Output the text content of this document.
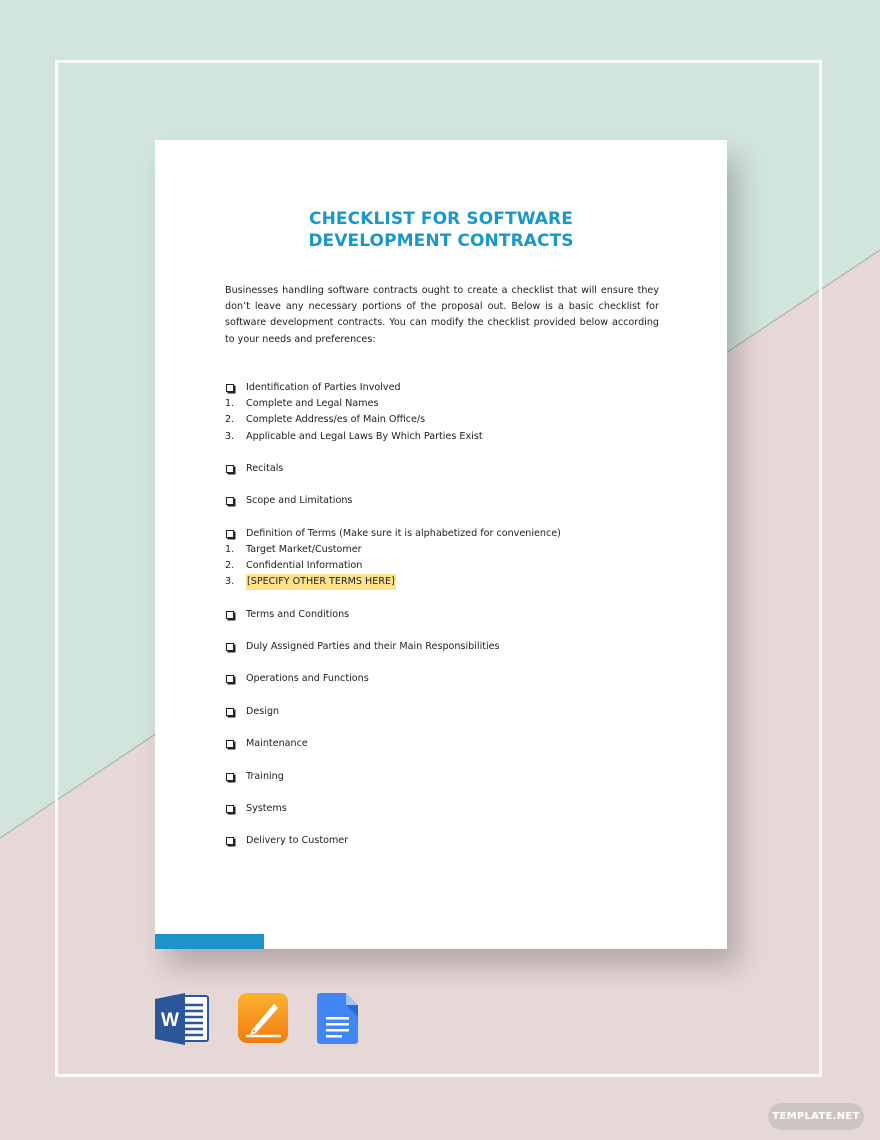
CHECKLIST FOR SOFTWARE
DEVELOPMENT CONTRACTS
Businesses handling software contracts ought to create a checklist that will ensure they don’t leave any necessary portions of the proposal out. Below is a basic checklist for software development contracts. You can modify the checklist provided below according to your needs and preferences:
Identification of Parties Involved
1.	Complete and Legal Names
2.	Complete Address/es of Main Office/s
3.	Applicable and Legal Laws By Which Parties Exist
Recitals
Scope and Limitations
Definition of Terms (Make sure it is alphabetized for convenience)
1.	Target Market/Customer
2.	Confidential Information
3.	[SPECIFY OTHER TERMS HERE]
Terms and Conditions
Duly Assigned Parties and their Main Responsibilities
Operations and Functions
Design
Maintenance
Training
Systems
Delivery to Customer
W
TEMPLATE.NET
